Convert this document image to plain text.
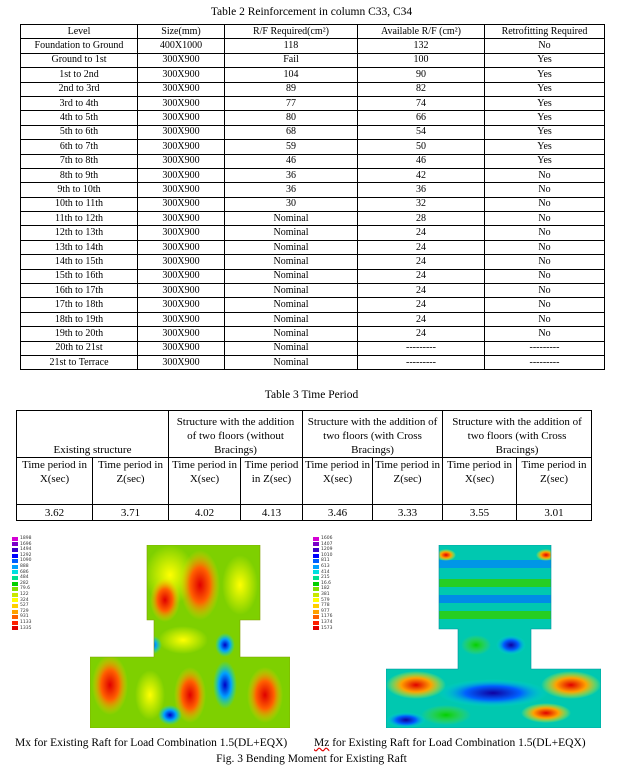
Table 2 Reinforcement in column C33, C34
Level	Size(mm)	R/F Required(cm²)	Available R/F (cm²)	Retrofitting Required
Foundation to Ground	400X1000	118	132	No
Ground to 1st	300X900	Fail	100	Yes
1st to 2nd	300X900	104	90	Yes
2nd to 3rd	300X900	89	82	Yes
3rd to 4th	300X900	77	74	Yes
4th to 5th	300X900	80	66	Yes
5th to 6th	300X900	68	54	Yes
6th to 7th	300X900	59	50	Yes
7th to 8th	300X900	46	46	Yes
8th to 9th	300X900	36	42	No
9th to 10th	300X900	36	36	No
10th to 11th	300X900	30	32	No
11th to 12th	300X900	Nominal	28	No
12th to 13th	300X900	Nominal	24	No
13th to 14th	300X900	Nominal	24	No
14th to 15th	300X900	Nominal	24	No
15th to 16th	300X900	Nominal	24	No
16th to 17th	300X900	Nominal	24	No
17th to 18th	300X900	Nominal	24	No
18th to 19th	300X900	Nominal	24	No
19th to 20th	300X900	Nominal	24	No
20th to 21st	300X900	Nominal	---------	---------
21st to Terrace	300X900	Nominal	---------	---------
Table 3 Time Period
Existing structure		Structure with the addition of two floors (without Bracings)		Structure with the addition of two floors (with Cross Bracings)		Structure with the addition of two floors (with Cross Bracings)	
Time period in X(sec)	Time period in Z(sec)	Time period in X(sec)	Time period in Z(sec)	Time period in X(sec)	Time period in Z(sec)	Time period in X(sec)	Time period in Z(sec)
3.62	3.71	4.02	4.13	3.46	3.33	3.55	3.01
1898
1696
1494
1292
1090
888
686
484
282
79.6
122
324
527
729
931
1133
1335
1606
1407
1209
1010
811
613
414
215
16.6
182
381
579
778
977
1176
1374
1573
Mx for Existing Raft for Load Combination 1.5(DL+EQX) Mz for Existing Raft for Load Combination 1.5(DL+EQX)
Fig. 3 Bending Moment for Existing Raft
